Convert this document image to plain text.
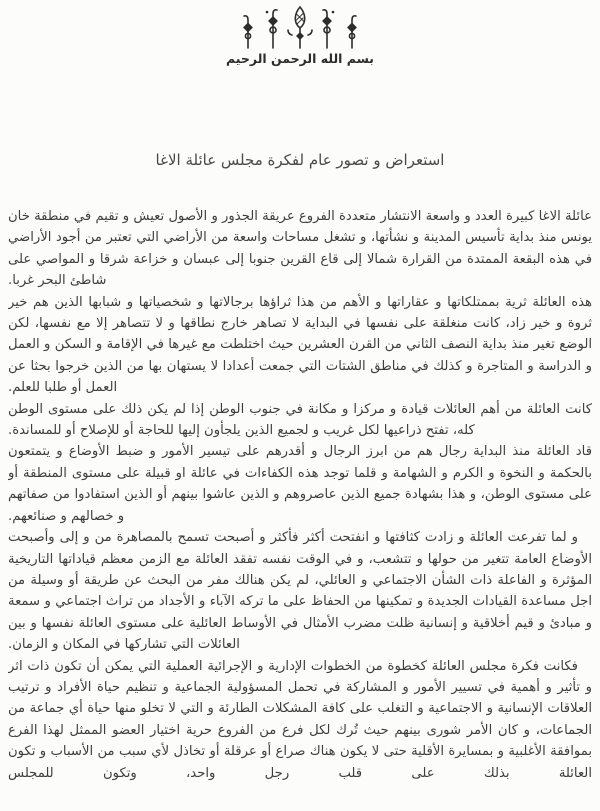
بسم الله الرحمن الرحيم
استعراض و تصور عام لفكرة مجلس عائلة الاغا

عائلة الاغا كبيرة العدد و واسعة الانتشار متعددة الفروع عريقة الجذور و الأصول تعيش و تقيم في منطقة خان يونس منذ بداية تأسيس المدينة و نشأتها، و تشغل مساحات واسعة من الأراضي التي تعتبر من أجود الأراضي في هذه البقعة الممتدة من القرارة شمالا إلى قاع القرين جنوبا إلى عبسان و خزاعة شرقا و المواصي على شاطئ البحر غربا.

هذه العائلة ثرية بممتلكاتها و عقاراتها و الأهم من هذا ثراؤها برجالاتها و شخصياتها و شبابها الذين هم خير ثروة و خير زاد، كانت منغلقة على نفسها في البداية لا تصاهر خارج نطاقها و لا تتصاهر إلا مع نفسها، لكن الوضع تغير منذ بداية النصف الثاني من القرن العشرين حيث اختلطت مع غيرها في الإقامة و السكن و العمل و الدراسة و المتاجرة و كذلك في مناطق الشتات التي جمعت أعدادا لا يستهان بها من الذين خرجوا بحثا عن العمل أو طلبا للعلم.

كانت العائلة من أهم العائلات قيادة و مركزا و مكانة في جنوب الوطن إذا لم يكن ذلك على مستوى الوطن كله، تفتح ذراعيها لكل غريب و لجميع الذين يلجأون إليها للحاجة أو للإصلاح أو للمساندة.

قاد العائلة منذ البداية رجال هم من ابرز الرجال و أقدرهم على تيسير الأمور و ضبط الأوضاع و يتمتعون بالحكمة و النخوة و الكرم و الشهامة و قلما توجد هذه الكفاءات في عائلة او قبيلة على مستوى المنطقة أو على مستوى الوطن، و هذا بشهادة جميع الذين عاصروهم و الذين عاشوا بينهم أو الذين استفادوا من صفاتهم و خصالهم و صنائعهم.

و لما تفرعت العائلة و زادت كثافتها و انفتحت أكثر فأكثر و أصبحت تسمح بالمصاهرة من و إلى وأصبحت الأوضاع العامة تتغير من حولها و تتشعب، و في الوقت نفسه تفقد العائلة مع الزمن معظم قياداتها التاريخية المؤثرة و الفاعلة ذات الشأن الاجتماعي و العائلي، لم يكن هنالك مفر من البحث عن طريقة أو وسيلة من اجل مساعدة القيادات الجديدة و تمكينها من الحفاظ على ما تركه الآباء و الأجداد من تراث اجتماعي و سمعة و مبادئ و قيم أخلاقية و إنسانية ظلت مضرب الأمثال في الأوساط العائلية على مستوى العائلة نفسها و بين العائلات التي تشاركها في المكان و الزمان.

فكانت فكرة مجلس العائلة كخطوة من الخطوات الإدارية و الإجرائية العملية التي يمكن أن تكون ذات اثر و تأثير و أهمية في تسيير الأمور و المشاركة في تحمل المسؤولية الجماعية و تنظيم حياة الأفراد و ترتيب العلاقات الإنسانية و الاجتماعية و التغلب على كافة المشكلات الطارئة و التي لا تخلو منها حياة أي جماعة من الجماعات، و كان الأمر شورى بينهم حيث تُرك لكل فرع من الفروع حرية اختيار العضو الممثل لهذا الفرع بموافقة الأغلبية و بمسايرة الأقلية حتى لا يكون هناك صراع أو عرقلة أو تخاذل لأي سبب من الأسباب و تكون العائلة بذلك على قلب رجل واحد، وتكون للمجلس
